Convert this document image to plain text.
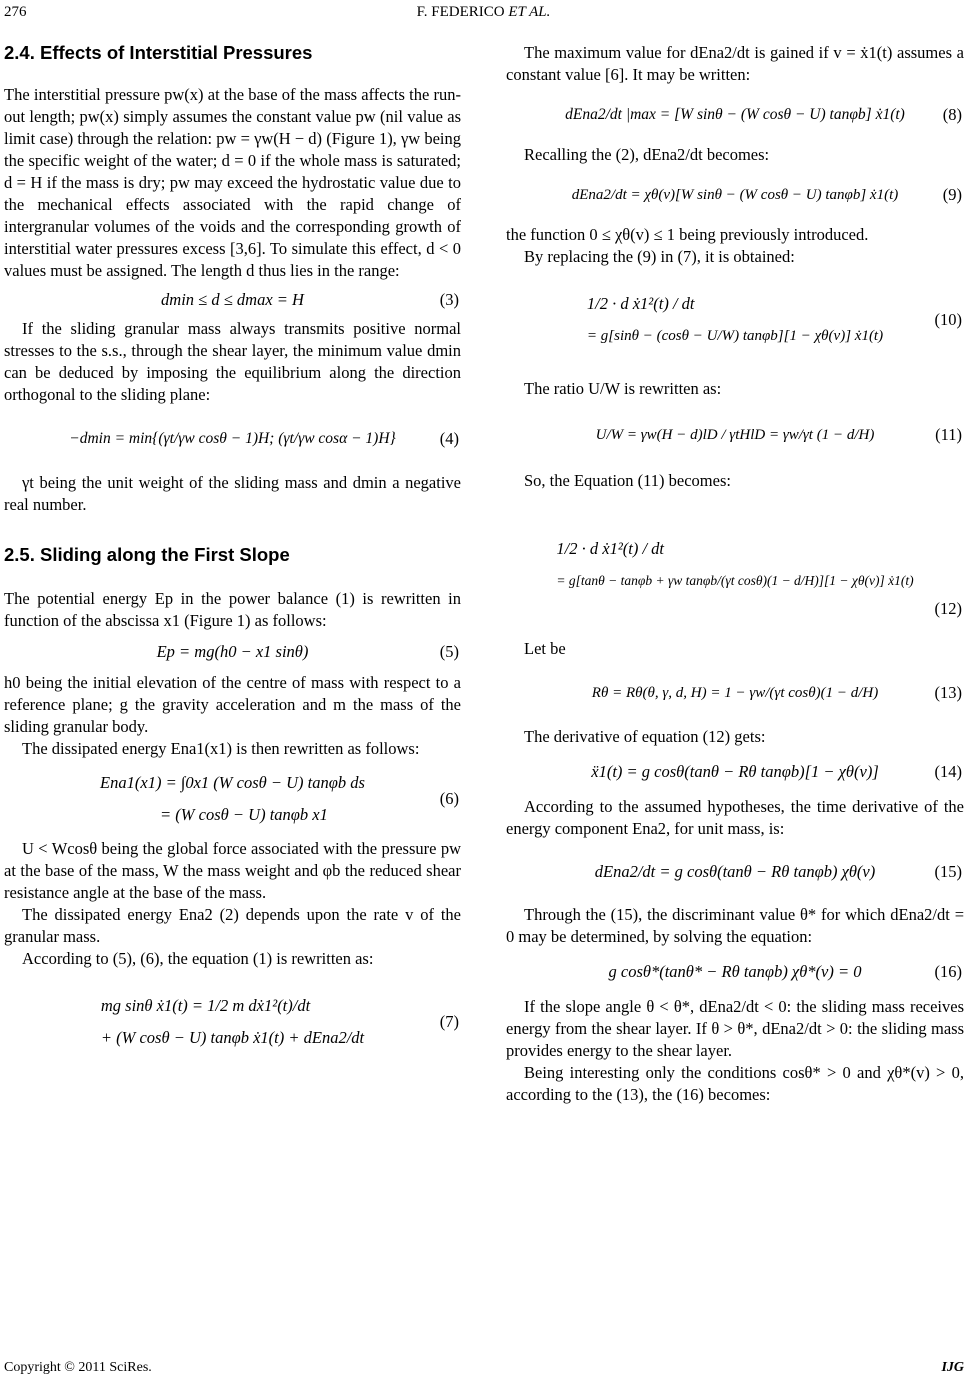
276	F. FEDERICO ET AL.
2.4. Effects of Interstitial Pressures

The interstitial pressure pw(x) at the base of the mass affects the run-out length; pw(x) simply assumes the constant value pw (nil value as limit case) through the relation: pw = γw(H − d) (Figure 1), γw being the specific weight of the water; d = 0 if the whole mass is saturated; d = H if the mass is dry; pw may exceed the hydrostatic value due to the mechanical effects associated with the rapid change of intergranular volumes of the voids and the corresponding growth of interstitial water pressures excess [3,6]. To simulate this effect, d < 0 values must be assigned. The length d thus lies in the range:

dmin ≤ d ≤ dmax = H	(3)

If the sliding granular mass always transmits positive normal stresses to the s.s., through the shear layer, the minimum value dmin can be deduced by imposing the equilibrium along the direction orthogonal to the sliding plane:

−dmin = min{(γt/γw cosθ − 1)H; (γt/γw cosα − 1)H}	(4)

γt being the unit weight of the sliding mass and dmin a negative real number.

2.5. Sliding along the First Slope

The potential energy Ep in the power balance (1) is rewritten in function of the abscissa x1 (Figure 1) as follows:

Ep = mg(h0 − x1 sinθ)	(5)

h0 being the initial elevation of the centre of mass with respect to a reference plane; g the gravity acceleration and m the mass of the sliding granular body.

The dissipated energy Ena1(x1) is then rewritten as follows:

Ena1(x1) = ∫0x1 (W cosθ − U) tanφb ds
= (W cosθ − U) tanφb x1
(6)

U < Wcosθ being the global force associated with the pressure pw at the base of the mass, W the mass weight and φb the reduced shear resistance angle at the base of the mass.

The dissipated energy Ena2 (2) depends upon the rate v of the granular mass.

According to (5), (6), the equation (1) is rewritten as:

mg sinθ ẋ1(t) = 1/2 m dẋ1²(t)/dt
+ (W cosθ − U) tanφb ẋ1(t) + dEna2/dt
(7)

The maximum value for dEna2/dt is gained if v = ẋ1(t) assumes a constant value [6]. It may be written:

dEna2/dt |max = [W sinθ − (W cosθ − U) tanφb] ẋ1(t) (8)

Recalling the (2), dEna2/dt becomes:

dEna2/dt = χθ(v)[W sinθ − (W cosθ − U) tanφb] ẋ1(t)	(9)

the function 0 ≤ χθ(v) ≤ 1 being previously introduced.

By replacing the (9) in (7), it is obtained:

1/2 · d ẋ1²(t) / dt
= g[sinθ − (cosθ − U/W) tanφb][1 − χθ(v)] ẋ1(t)
(10)

The ratio U/W is rewritten as:

U/W = γw(H − d)lD / γtHlD = γw/γt (1 − d/H)	(11)

So, the Equation (11) becomes:

1/2 · d ẋ1²(t) / dt
= g[tanθ − tanφb + γw tanφb/(γt cosθ)(1 − d/H)][1 − χθ(v)] ẋ1(t)
(12)

Let be

Rθ = Rθ(θ, γ, d, H) = 1 − γw/(γt cosθ)(1 − d/H)	(13)

The derivative of equation (12) gets:

ẍ1(t) = g cosθ(tanθ − Rθ tanφb)[1 − χθ(v)]	(14)

According to the assumed hypotheses, the time derivative of the energy component Ena2, for unit mass, is:

dEna2/dt = g cosθ(tanθ − Rθ tanφb) χθ(v)	(15)

Through the (15), the discriminant value θ* for which dEna2/dt = 0 may be determined, by solving the equation:

g cosθ*(tanθ* − Rθ tanφb) χθ*(v) = 0	(16)

If the slope angle θ < θ*, dEna2/dt < 0: the sliding mass receives energy from the shear layer. If θ > θ*, dEna2/dt > 0: the sliding mass provides energy to the shear layer.

Being interesting only the conditions cosθ* > 0 and χθ*(v) > 0, according to the (13), the (16) becomes:

Copyright © 2011 SciRes.	IJG
